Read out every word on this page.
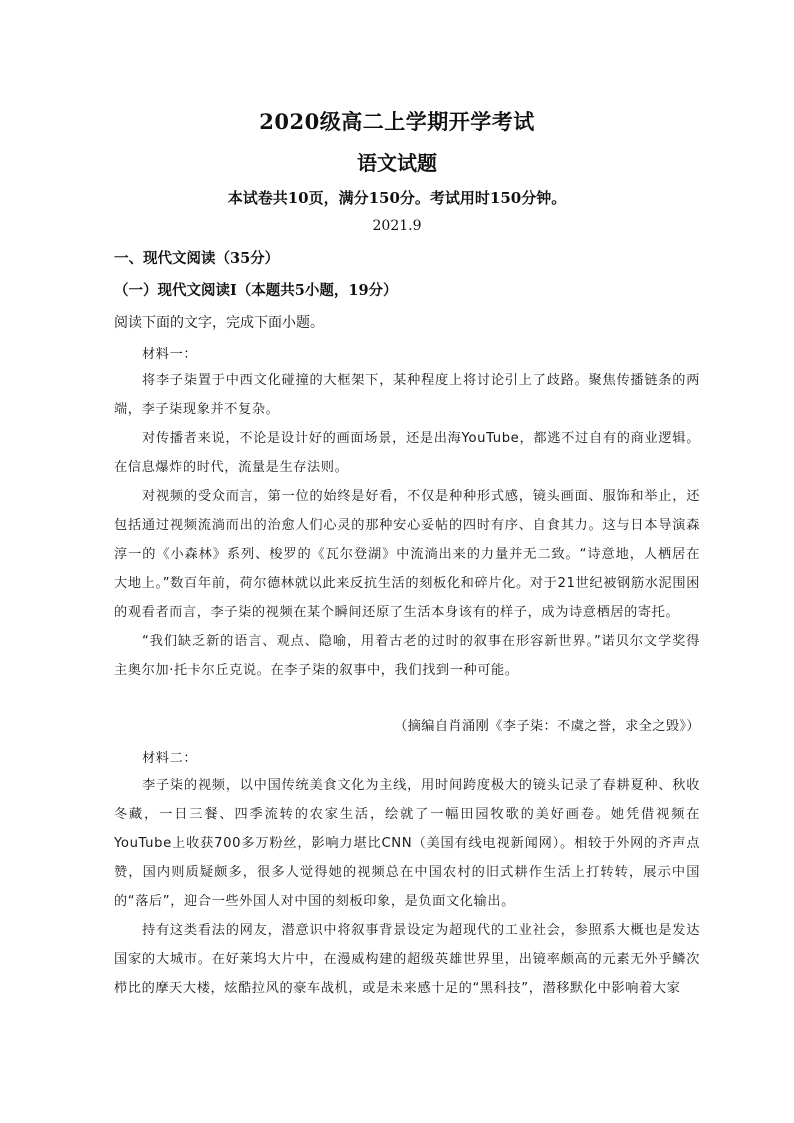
2020级高二上学期开学考试
语文试题
本试卷共10页，满分150分。考试用时150分钟。
2021.9
一、现代文阅读（35分）
（一）现代文阅读Ⅰ（本题共5小题，19分）
阅读下面的文字，完成下面小题。
材料一：

将李子柒置于中西文化碰撞的大框架下，某种程度上将讨论引上了歧路。聚焦传播链条的两端，李子柒现象并不复杂。

对传播者来说，不论是设计好的画面场景，还是出海YouTube，都逃不过自有的商业逻辑。在信息爆炸的时代，流量是生存法则。

对视频的受众而言，第一位的始终是好看，不仅是种种形式感，镜头画面、服饰和举止，还包括通过视频流淌而出的治愈人们心灵的那种安心妥帖的四时有序、自食其力。这与日本导演森淳一的《小森林》系列、梭罗的《瓦尔登湖》中流淌出来的力量并无二致。“诗意地，人栖居在大地上。”数百年前，荷尔德林就以此来反抗生活的刻板化和碎片化。对于21世纪被钢筋水泥围困的观看者而言，李子柒的视频在某个瞬间还原了生活本身该有的样子，成为诗意栖居的寄托。

“我们缺乏新的语言、观点、隐喻，用着古老的过时的叙事在形容新世界。”诺贝尔文学奖得主奥尔加·托卡尔丘克说。在李子柒的叙事中，我们找到一种可能。

（摘编自肖涌刚《李子柒：不虞之誉，求全之毁》）
材料二：

李子柒的视频，以中国传统美食文化为主线，用时间跨度极大的镜头记录了春耕夏种、秋收冬藏，一日三餐、四季流转的农家生活，绘就了一幅田园牧歌的美好画卷。她凭借视频在YouTube上收获700多万粉丝，影响力堪比CNN（美国有线电视新闻网）。相较于外网的齐声点赞，国内则质疑颇多，很多人觉得她的视频总在中国农村的旧式耕作生活上打转转，展示中国的“落后”，迎合一些外国人对中国的刻板印象，是负面文化输出。

持有这类看法的网友，潜意识中将叙事背景设定为超现代的工业社会，参照系大概也是发达国家的大城市。在好莱坞大片中，在漫威构建的超级英雄世界里，出镜率颇高的元素无外乎鳞次栉比的摩天大楼，炫酷拉风的豪车战机，或是未来感十足的“黑科技”，潜移默化中影响着大家
